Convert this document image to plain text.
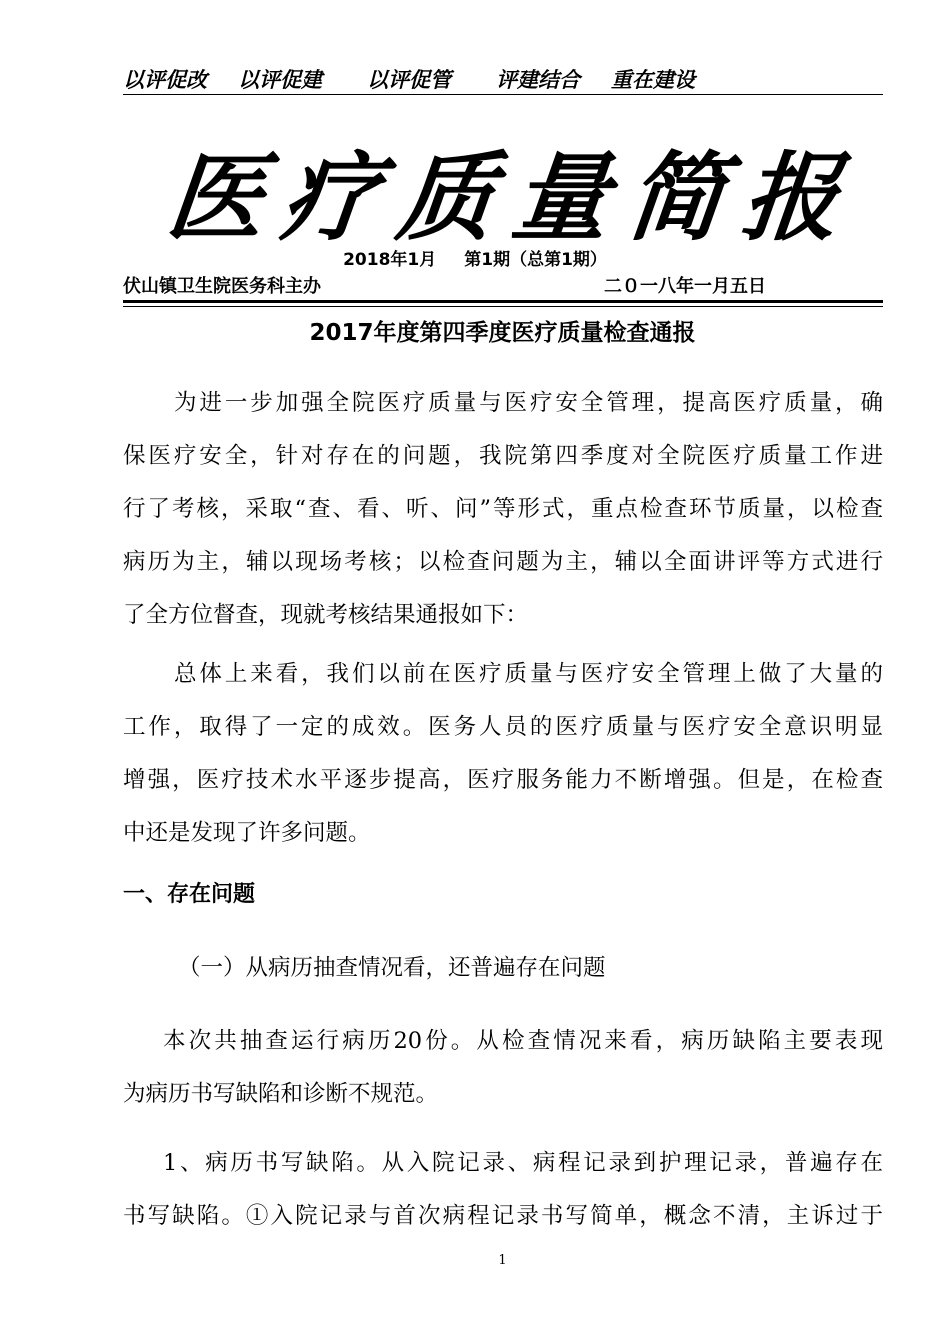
以评促改 以评促建 以评促管 评建结合 重在建设
医疗质量简报
2018年1月 第1期（总第1期）
伏山镇卫生院医务科主办	二０一八年一月五日
2017年度第四季度医疗质量检查通报
为进一步加强全院医疗质量与医疗安全管理，提高医疗质量，确
保医疗安全，针对存在的问题，我院第四季度对全院医疗质量工作进
行了考核，采取“查、看、听、问”等形式，重点检查环节质量，以检查
病历为主，辅以现场考核；以检查问题为主，辅以全面讲评等方式进行
了全方位督查，现就考核结果通报如下：
总体上来看，我们以前在医疗质量与医疗安全管理上做了大量的
工作，取得了一定的成效。医务人员的医疗质量与医疗安全意识明显
增强，医疗技术水平逐步提高，医疗服务能力不断增强。但是，在检查
中还是发现了许多问题。
一、存在问题
（一）从病历抽查情况看，还普遍存在问题
本次共抽查运行病历20份。从检查情况来看，病历缺陷主要表现
为病历书写缺陷和诊断不规范。
1、病历书写缺陷。从入院记录、病程记录到护理记录，普遍存在
书写缺陷。①入院记录与首次病程记录书写简单，概念不清，主诉过于
1
